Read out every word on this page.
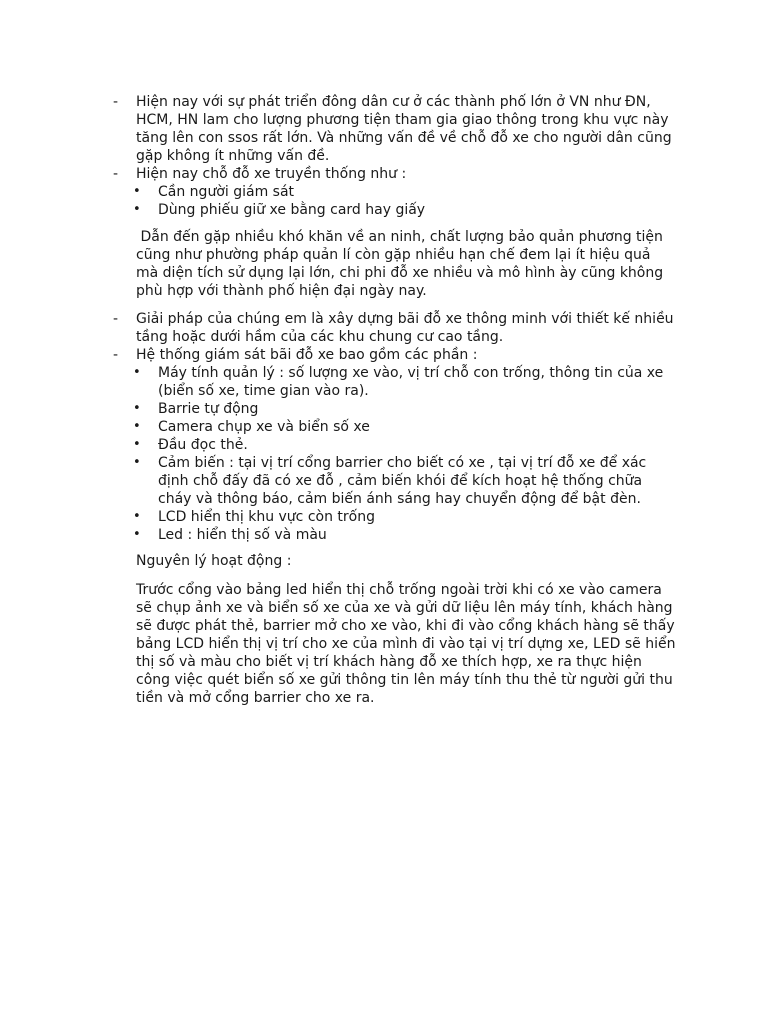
- Hiện nay với sự phát triển đông dân cư ở các thành phố lớn ở VN như ĐN, HCM, HN lam cho lượng phương tiện tham gia giao thông trong khu vực này tăng lên con ssos rất lớn. Và những vấn đề về chỗ đỗ xe cho người dân cũng gặp không ít những vấn đề.
- Hiện nay chỗ đỗ xe truyền thống như :
• Cần người giám sát
• Dùng phiếu giữ xe bằng card hay giấy
Dẫn đến gặp nhiều khó khăn về an ninh, chất lượng bảo quản phương tiện cũng như phường pháp quản lí còn gặp nhiều hạn chế đem lại ít hiệu quả mà diện tích sử dụng lại lớn, chi phi đỗ xe nhiều và mô hình ày cũng không phù hợp với thành phố hiện đại ngày nay.
- Giải pháp của chúng em là xây dựng bãi đỗ xe thông minh với thiết kế nhiều tầng hoặc dưới hầm của các khu chung cư cao tầng.
- Hệ thống giám sát bãi đỗ xe bao gồm các phần :
• Máy tính quản lý : số lượng xe vào, vị trí chỗ con trống, thông tin của xe (biển số xe, time gian vào ra).
• Barrie tự động
• Camera chụp xe và biển số xe
• Đầu đọc thẻ.
• Cảm biến : tại vị trí cổng barrier cho biết có xe , tại vị trí đỗ xe để xác định chỗ đấy đã có xe đỗ , cảm biến khói để kích hoạt hệ thống chữa cháy và thông báo, cảm biến ánh sáng hay chuyển động để bật đèn.
• LCD hiển thị khu vực còn trống
• Led : hiển thị số và màu
Nguyên lý hoạt động :
Trước cổng vào bảng led hiển thị chỗ trống ngoài trời khi có xe vào camera sẽ chụp ảnh xe và biển số xe của xe và gửi dữ liệu lên máy tính, khách hàng sẽ được phát thẻ, barrier mở cho xe vào, khi đi vào cổng khách hàng sẽ thấy bảng LCD hiển thị vị trí cho xe của mình đi vào tại vị trí dựng xe, LED sẽ hiển thị số và màu cho biết vị trí khách hàng đỗ xe thích hợp, xe ra thực hiện công việc quét biển số xe gửi thông tin lên máy tính thu thẻ từ người gửi thu tiền và mở cổng barrier cho xe ra.
